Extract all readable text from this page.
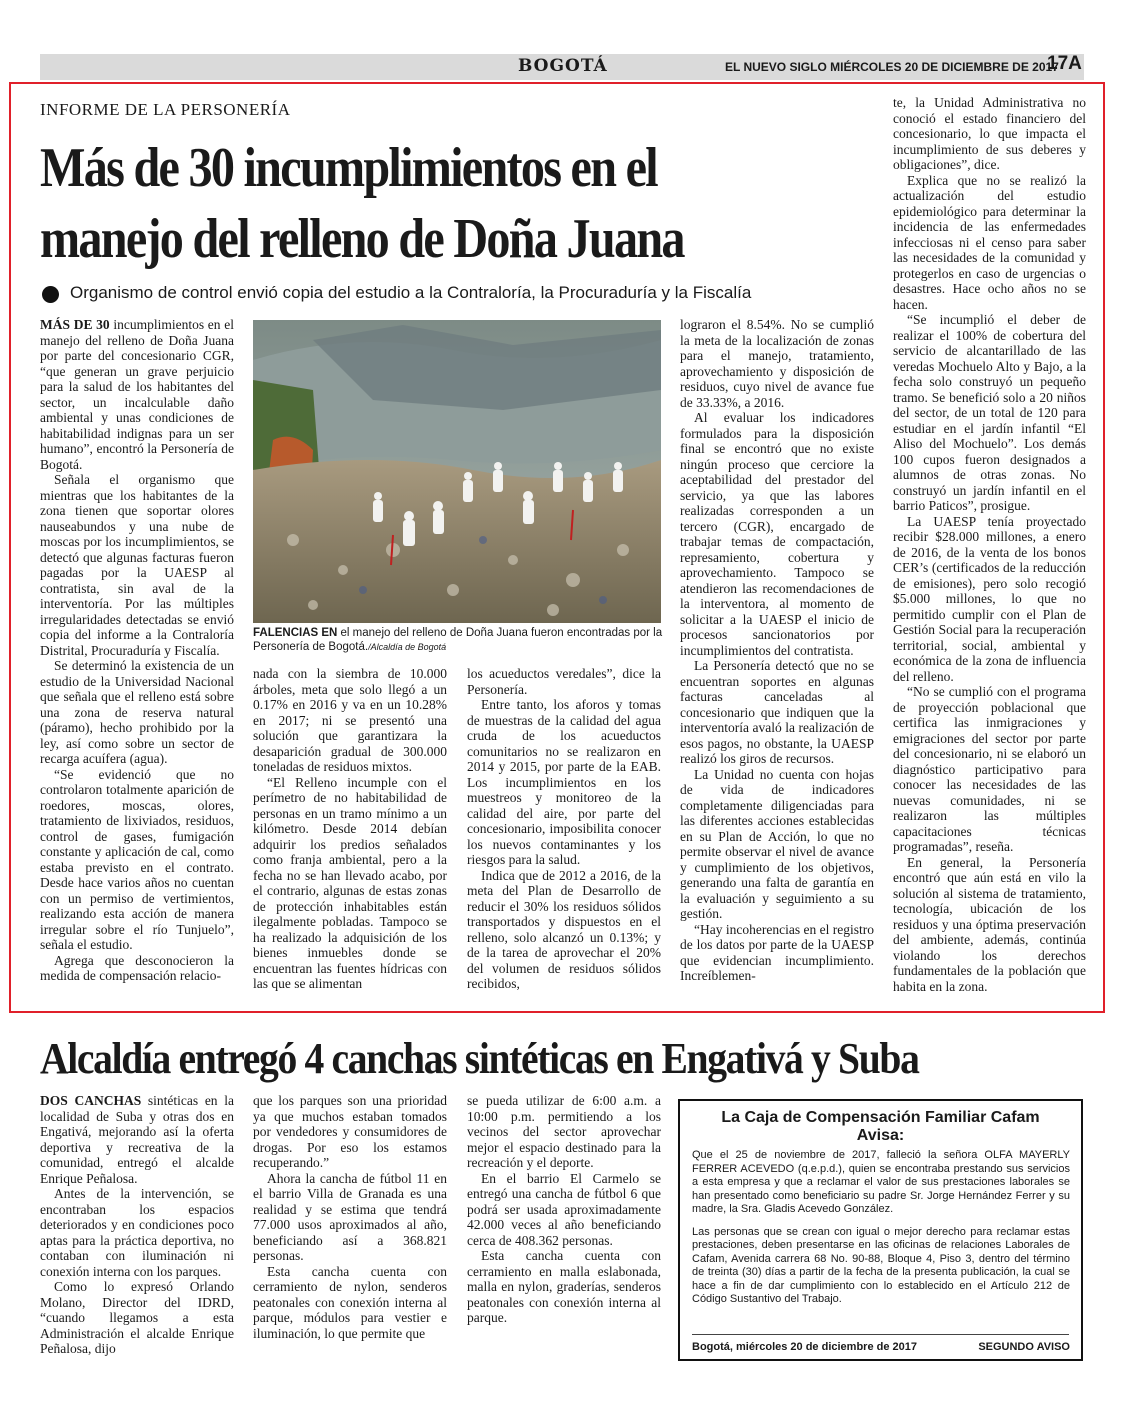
BOGOTÁ	EL NUEVO SIGLO MIÉRCOLES 20 DE DICIEMBRE DE 2017
17A
INFORME DE LA PERSONERÍA
Más de 30 incumplimientos en el
manejo del relleno de Doña Juana
Organismo de control envió copia del estudio a la Contraloría, la Procuraduría y la Fiscalía

MÁS DE 30 incumplimientos en el manejo del relleno de Doña Juana por parte del concesionario CGR, “que generan un grave perjuicio para la salud de los habitantes del sector, un incalculable daño ambiental y unas condiciones de habitabilidad indignas para un ser humano”, encontró la Personería de Bogotá.

Señala el organismo que mientras que los habitantes de la zona tienen que soportar olores nauseabundos y una nube de moscas por los incumplimientos, se detectó que algunas facturas fueron pagadas por la UAESP al contratista, sin aval de la interventoría. Por las múltiples irregularidades detectadas se envió copia del informe a la Contraloría Distrital, Procuraduría y Fiscalía.

Se determinó la existencia de un estudio de la Universidad Nacional que señala que el relleno está sobre una zona de reserva natural (páramo), hecho prohibido por la ley, así como sobre un sector de recarga acuífera (agua).

“Se evidenció que no controlaron totalmente aparición de roedores, moscas, olores, tratamiento de lixiviados, residuos, control de gases, fumigación constante y aplicación de cal, como estaba previsto en el contrato. Desde hace varios años no cuentan con un permiso de vertimientos, realizando esta acción de manera irregular sobre el río Tunjuelo”, señala el estudio.

Agrega que desconocieron la medida de compensación relacio-

FALENCIAS EN el manejo del relleno de Doña Juana fueron encontradas por la Personería de Bogotá./Alcaldía de Bogotá

nada con la siembra de 10.000 árboles, meta que solo llegó a un 0.17% en 2016 y va en un 10.28% en 2017; ni se presentó una solución que garantizara la desaparición gradual de 300.000 toneladas de residuos mixtos.

“El Relleno incumple con el perímetro de no habitabilidad de personas en un tramo mínimo a un kilómetro. Desde 2014 debían adquirir los predios señalados como franja ambiental, pero a la fecha no se han llevado acabo, por el contrario, algunas de estas zonas de protección inhabitables están ilegalmente pobladas. Tampoco se ha realizado la adquisición de los bienes inmuebles donde se encuentran las fuentes hídricas con las que se alimentan

los acueductos veredales”, dice la Personería.

Entre tanto, los aforos y tomas de muestras de la calidad del agua cruda de los acueductos comunitarios no se realizaron en 2014 y 2015, por parte de la EAB. Los incumplimientos en los muestreos y monitoreo de la calidad del aire, por parte del concesionario, imposibilita conocer los nuevos contaminantes y los riesgos para la salud.

Indica que de 2012 a 2016, de la meta del Plan de Desarrollo de reducir el 30% los residuos sólidos transportados y dispuestos en el relleno, solo alcanzó un 0.13%; y de la tarea de aprovechar el 20% del volumen de residuos sólidos recibidos,

lograron el 8.54%. No se cumplió la meta de la localización de zonas para el manejo, tratamiento, aprovechamiento y disposición de residuos, cuyo nivel de avance fue de 33.33%, a 2016.

Al evaluar los indicadores formulados para la disposición final se encontró que no existe ningún proceso que cerciore la aceptabilidad del prestador del servicio, ya que las labores realizadas corresponden a un tercero (CGR), encargado de trabajar temas de compactación, represamiento, cobertura y aprovechamiento. Tampoco se atendieron las recomendaciones de la interventora, al momento de solicitar a la UAESP el inicio de procesos sancionatorios por incumplimientos del contratista.

La Personería detectó que no se encuentran soportes en algunas facturas canceladas al concesionario que indiquen que la interventoría avaló la realización de esos pagos, no obstante, la UAESP realizó los giros de recursos.

La Unidad no cuenta con hojas de vida de indicadores completamente diligenciadas para las diferentes acciones establecidas en su Plan de Acción, lo que no permite observar el nivel de avance y cumplimiento de los objetivos, generando una falta de garantía en la evaluación y seguimiento a su gestión.

“Hay incoherencias en el registro de los datos por parte de la UAESP que evidencian incumplimiento. Increíblemen-

te, la Unidad Administrativa no conoció el estado financiero del concesionario, lo que impacta el incumplimiento de sus deberes y obligaciones”, dice.

Explica que no se realizó la actualización del estudio epidemiológico para determinar la incidencia de las enfermedades infecciosas ni el censo para saber las necesidades de la comunidad y protegerlos en caso de urgencias o desastres. Hace ocho años no se hacen.

“Se incumplió el deber de realizar el 100% de cobertura del servicio de alcantarillado de las veredas Mochuelo Alto y Bajo, a la fecha solo construyó un pequeño tramo. Se benefició solo a 20 niños del sector, de un total de 120 para estudiar en el jardín infantil “El Aliso del Mochuelo”. Los demás 100 cupos fueron designados a alumnos de otras zonas. No construyó un jardín infantil en el barrio Paticos”, prosigue.

La UAESP tenía proyectado recibir $28.000 millones, a enero de 2016, de la venta de los bonos CER’s (certificados de la reducción de emisiones), pero solo recogió $5.000 millones, lo que no permitido cumplir con el Plan de Gestión Social para la recuperación territorial, social, ambiental y económica de la zona de influencia del relleno.

“No se cumplió con el programa de proyección poblacional que certifica las inmigraciones y emigraciones del sector por parte del concesionario, ni se elaboró un diagnóstico participativo para conocer las necesidades de las nuevas comunidades, ni se realizaron las múltiples capacitaciones técnicas programadas”, reseña.

En general, la Personería encontró que aún está en vilo la solución al sistema de tratamiento, tecnología, ubicación de los residuos y una óptima preservación del ambiente, además, continúa violando los derechos fundamentales de la población que habita en la zona.

Alcaldía entregó 4 canchas sintéticas en Engativá y Suba

DOS CANCHAS sintéticas en la localidad de Suba y otras dos en Engativá, mejorando así la oferta deportiva y recreativa de la comunidad, entregó el alcalde Enrique Peñalosa.

Antes de la intervención, se encontraban los espacios deteriorados y en condiciones poco aptas para la práctica deportiva, no contaban con iluminación ni conexión interna con los parques.

Como lo expresó Orlando Molano, Director del IDRD, “cuando llegamos a esta Administración el alcalde Enrique Peñalosa, dijo

que los parques son una prioridad ya que muchos estaban tomados por vendedores y consumidores de drogas. Por eso los estamos recuperando.”

Ahora la cancha de fútbol 11 en el barrio Villa de Granada es una realidad y se estima que tendrá 77.000 usos aproximados al año, beneficiando así a 368.821 personas.

Esta cancha cuenta con cerramiento de nylon, senderos peatonales con conexión interna al parque, módulos para vestier e iluminación, lo que permite que

se pueda utilizar de 6:00 a.m. a 10:00 p.m. permitiendo a los vecinos del sector aprovechar mejor el espacio destinado para la recreación y el deporte.

En el barrio El Carmelo se entregó una cancha de fútbol 6 que podrá ser usada aproximadamente 42.000 veces al año beneficiando cerca de 408.362 personas.

Esta cancha cuenta con cerramiento en malla eslabonada, malla en nylon, graderías, senderos peatonales con conexión interna al parque.

La Caja de Compensación Familiar Cafam
Avisa:

Que el 25 de noviembre de 2017, falleció la señora OLFA MAYERLY FERRER ACEVEDO (q.e.p.d.), quien se encontraba prestando sus servicios a esta empresa y que a reclamar el valor de sus prestaciones laborales se han presentado como beneficiario su padre Sr. Jorge Hernández Ferrer y su madre, la Sra. Gladis Acevedo González.

Las personas que se crean con igual o mejor derecho para reclamar estas prestaciones, deben presentarse en las oficinas de relaciones Laborales de Cafam, Avenida carrera 68 No. 90-88, Bloque 4, Piso 3, dentro del término de treinta (30) días a partir de la fecha de la presenta publicación, la cual se hace a fin de dar cumplimiento con lo establecido en el Artículo 212 de Código Sustantivo del Trabajo.

Bogotá, miércoles 20 de diciembre de 2017	SEGUNDO AVISO
